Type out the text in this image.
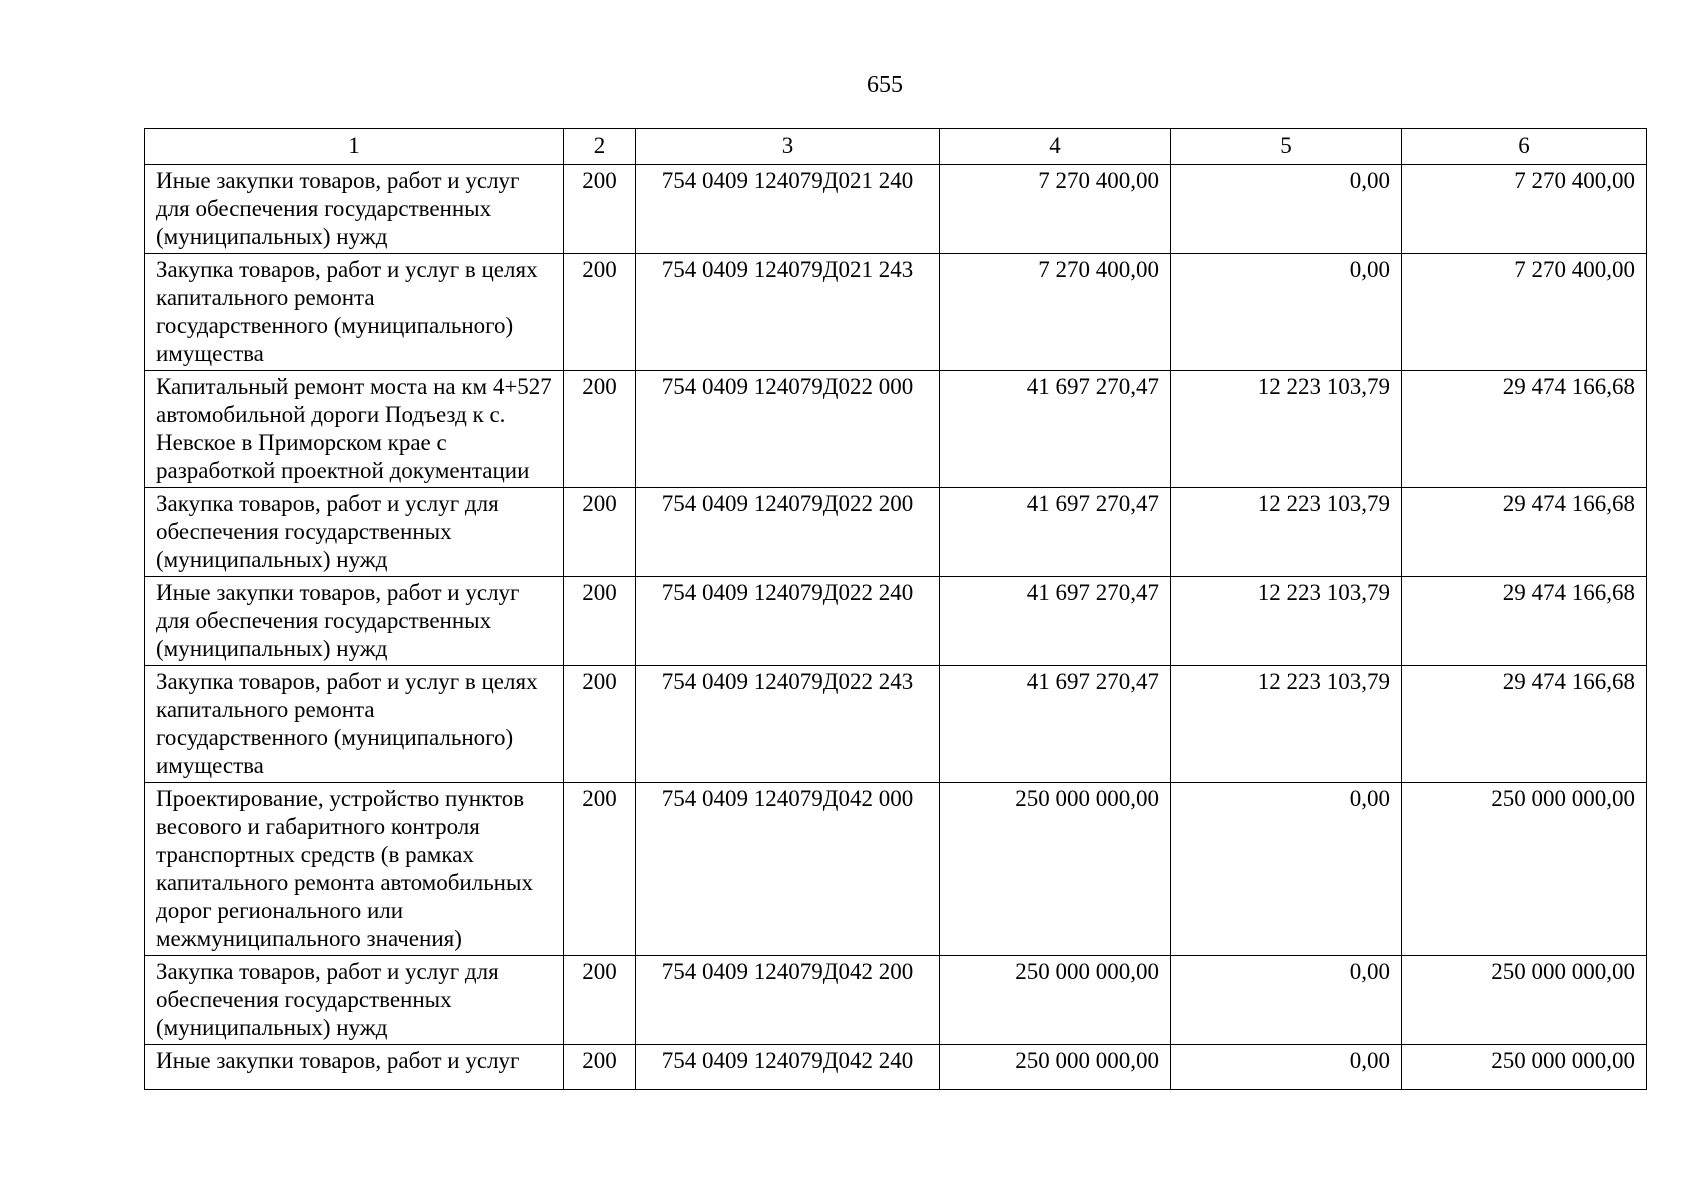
655
1	2	3	4	5	6
Иные закупки товаров, работ и услуг для обеспечения государственных (муниципальных) нужд	200	754 0409 124079Д021 240	7 270 400,00	0,00	7 270 400,00
Закупка товаров, работ и услуг в целях капитального ремонта государственного (муниципального) имущества	200	754 0409 124079Д021 243	7 270 400,00	0,00	7 270 400,00
Капитальный ремонт моста на км 4+527 автомобильной дороги Подъезд к с. Невское в Приморском крае с разработкой проектной документации	200	754 0409 124079Д022 000	41 697 270,47	12 223 103,79	29 474 166,68
Закупка товаров, работ и услуг для обеспечения государственных (муниципальных) нужд	200	754 0409 124079Д022 200	41 697 270,47	12 223 103,79	29 474 166,68
Иные закупки товаров, работ и услуг для обеспечения государственных (муниципальных) нужд	200	754 0409 124079Д022 240	41 697 270,47	12 223 103,79	29 474 166,68
Закупка товаров, работ и услуг в целях капитального ремонта государственного (муниципального) имущества	200	754 0409 124079Д022 243	41 697 270,47	12 223 103,79	29 474 166,68
Проектирование, устройство пунктов весового и габаритного контроля транспортных средств (в рамках капитального ремонта автомобильных дорог регионального или межмуниципального значения)	200	754 0409 124079Д042 000	250 000 000,00	0,00	250 000 000,00
Закупка товаров, работ и услуг для обеспечения государственных (муниципальных) нужд	200	754 0409 124079Д042 200	250 000 000,00	0,00	250 000 000,00
Иные закупки товаров, работ и услуг	200	754 0409 124079Д042 240	250 000 000,00	0,00	250 000 000,00
